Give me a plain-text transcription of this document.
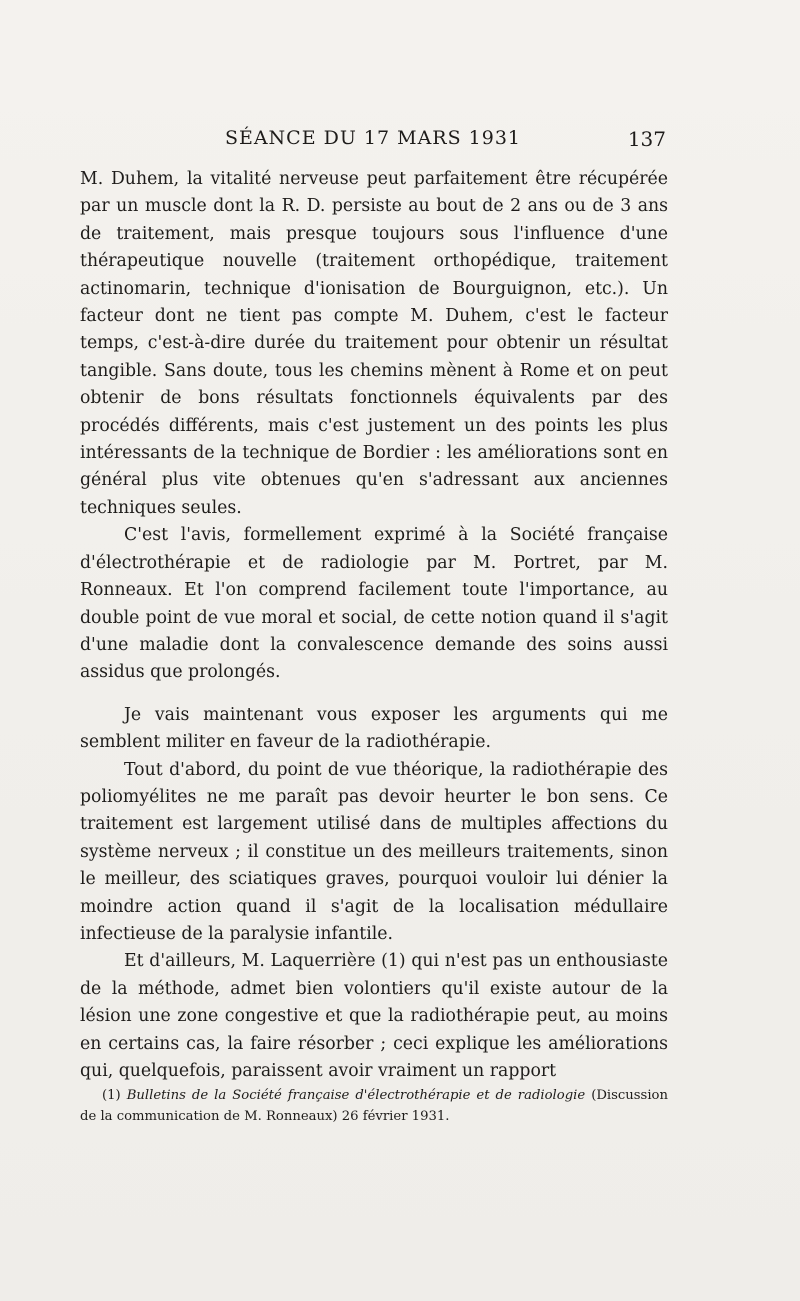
SÉANCE DU 17 MARS 1931	137

M. Duhem, la vitalité nerveuse peut parfaitement être récupérée par un muscle dont la R. D. persiste au bout de 2 ans ou de 3 ans de traitement, mais presque toujours sous l'influence d'une thérapeutique nouvelle (traitement orthopédique, traitement actinomarin, technique d'ionisation de Bourguignon, etc.). Un facteur dont ne tient pas compte M. Duhem, c'est le facteur temps, c'est-à-dire durée du traitement pour obtenir un résultat tangible. Sans doute, tous les chemins mènent à Rome et on peut obtenir de bons résultats fonctionnels équivalents par des procédés différents, mais c'est justement un des points les plus intéressants de la technique de Bordier : les améliorations sont en général plus vite obtenues qu'en s'adressant aux anciennes techniques seules.

C'est l'avis, formellement exprimé à la Société française d'électrothérapie et de radiologie par M. Portret, par M. Ronneaux. Et l'on comprend facilement toute l'importance, au double point de vue moral et social, de cette notion quand il s'agit d'une maladie dont la convalescence demande des soins aussi assidus que prolongés.

Je vais maintenant vous exposer les arguments qui me semblent militer en faveur de la radiothérapie.

Tout d'abord, du point de vue théorique, la radiothérapie des poliomyélites ne me paraît pas devoir heurter le bon sens. Ce traitement est largement utilisé dans de multiples affections du système nerveux ; il constitue un des meilleurs traitements, sinon le meilleur, des sciatiques graves, pourquoi vouloir lui dénier la moindre action quand il s'agit de la localisation médullaire infectieuse de la paralysie infantile.

Et d'ailleurs, M. Laquerrière (1) qui n'est pas un enthousiaste de la méthode, admet bien volontiers qu'il existe autour de la lésion une zone congestive et que la radiothérapie peut, au moins en certains cas, la faire résorber ; ceci explique les améliorations qui, quelquefois, paraissent avoir vraiment un rapport

(1) Bulletins de la Société française d'électrothérapie et de radiologie (Discussion de la communication de M. Ronneaux) 26 février 1931.
